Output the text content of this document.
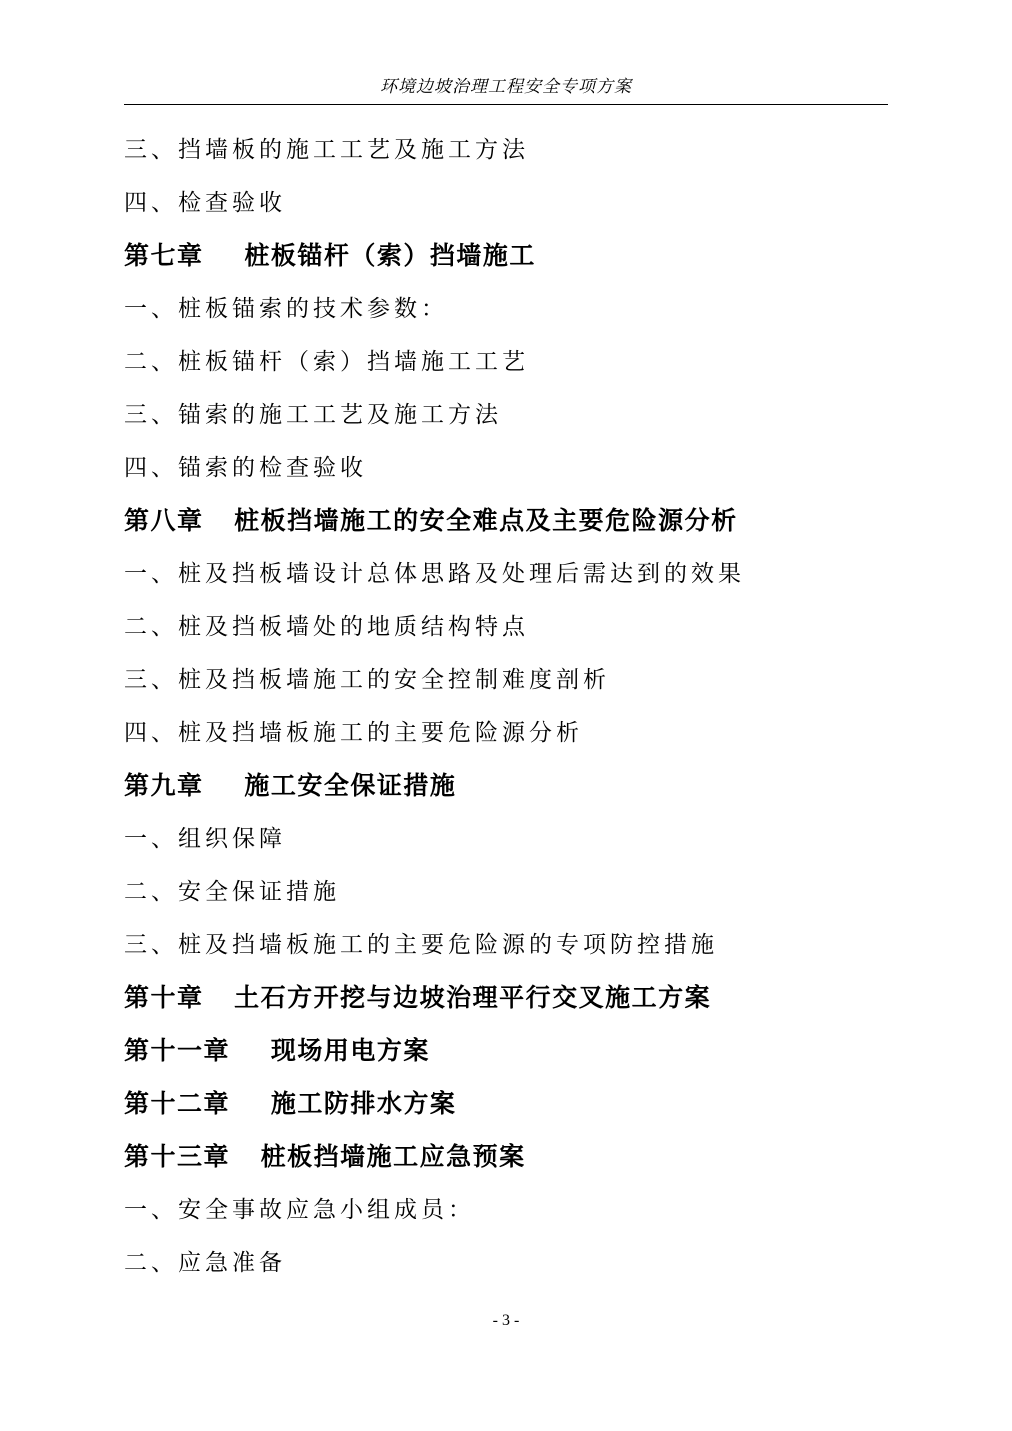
环境边坡治理工程安全专项方案
三、挡墙板的施工工艺及施工方法
四、检查验收
第七章    桩板锚杆（索）挡墙施工
一、桩板锚索的技术参数：
二、桩板锚杆（索）挡墙施工工艺
三、锚索的施工工艺及施工方法
四、锚索的检查验收
第八章   桩板挡墙施工的安全难点及主要危险源分析
一、桩及挡板墙设计总体思路及处理后需达到的效果
二、桩及挡板墙处的地质结构特点
三、桩及挡板墙施工的安全控制难度剖析
四、桩及挡墙板施工的主要危险源分析
第九章    施工安全保证措施
一、组织保障
二、安全保证措施
三、桩及挡墙板施工的主要危险源的专项防控措施
第十章   土石方开挖与边坡治理平行交叉施工方案
第十一章    现场用电方案
第十二章    施工防排水方案
第十三章   桩板挡墙施工应急预案
一、安全事故应急小组成员：
二、应急准备
- 3 -
